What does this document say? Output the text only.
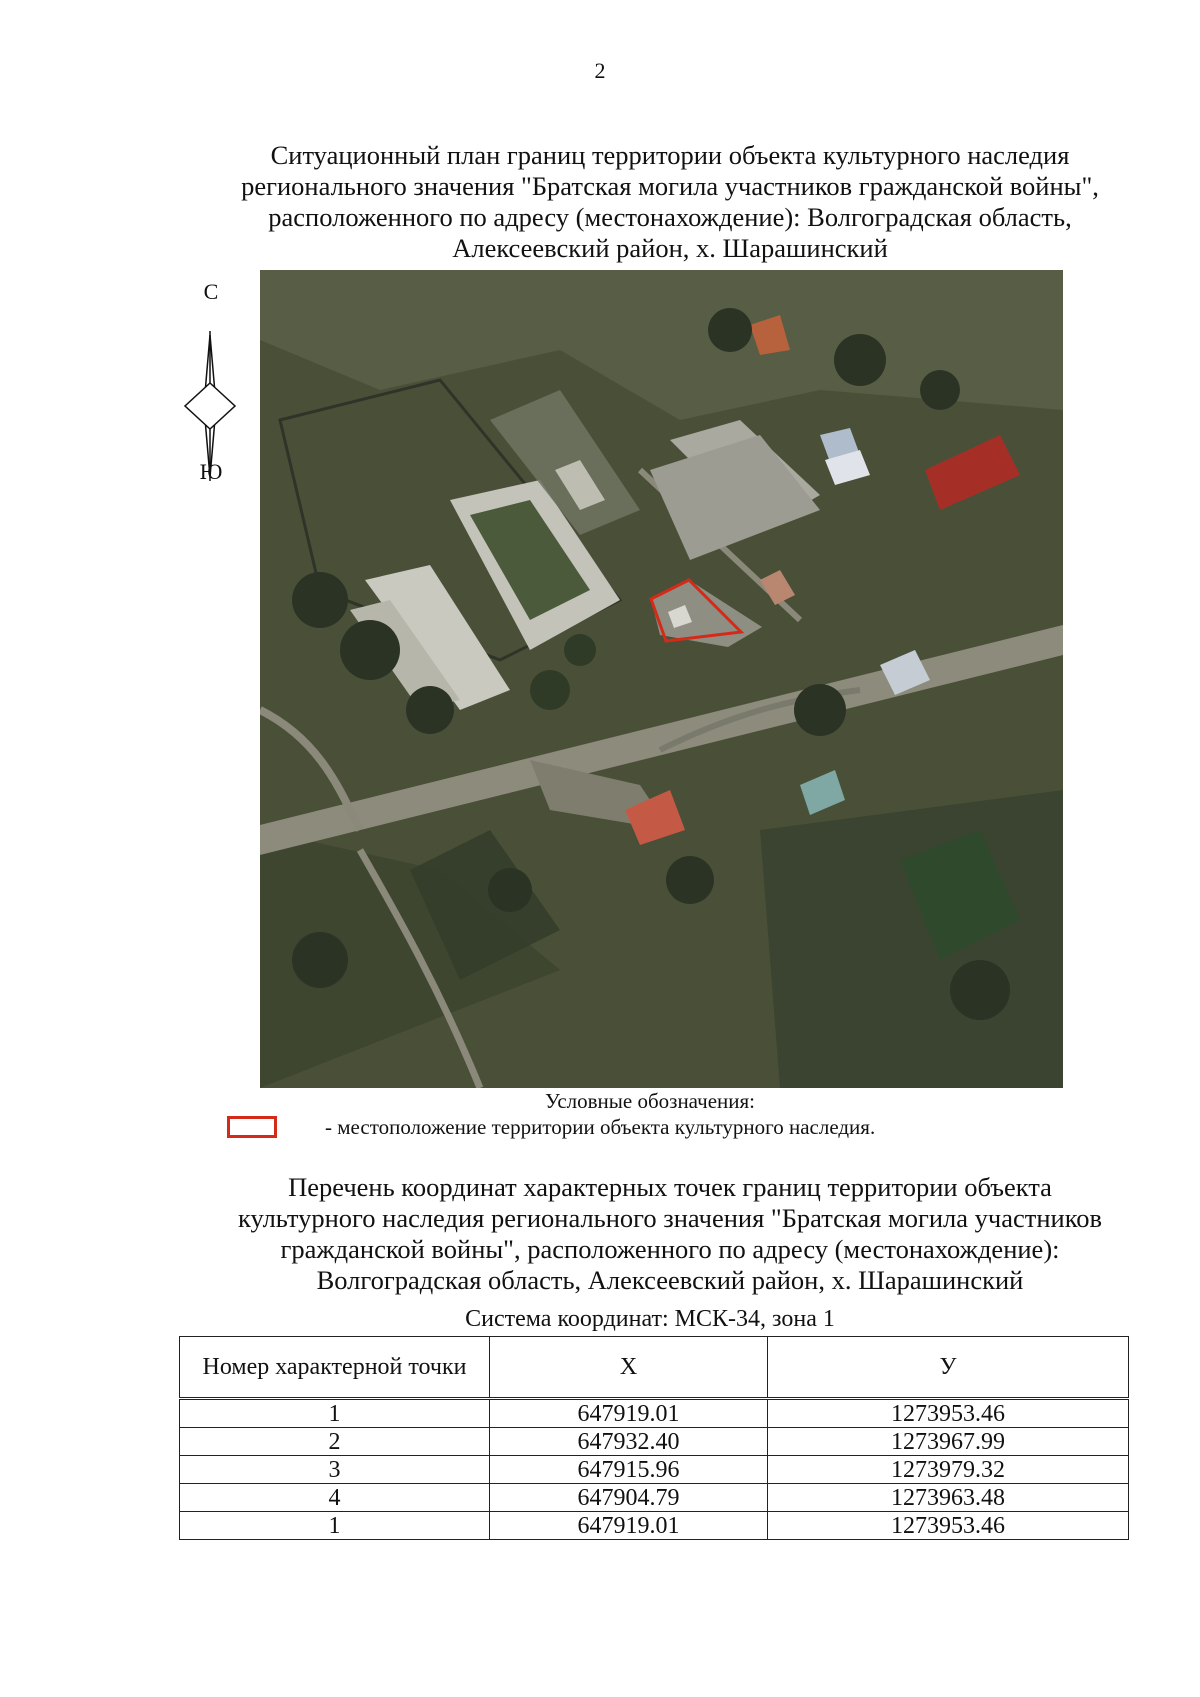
2
Ситуационный план границ территории объекта культурного наследия
регионального значения "Братская могила участников гражданской войны",
расположенного по адресу (местонахождение): Волгоградская область,
Алексеевский район, х. Шарашинский
С
Ю
Условные обозначения:
- местоположение территории объекта культурного наследия.
Перечень координат характерных точек границ территории объекта
культурного наследия регионального значения "Братская могила участников
гражданской войны", расположенного по адресу (местонахождение):
Волгоградская область, Алексеевский район, х. Шарашинский
Система координат: МСК-34, зона 1
Номер характерной точки	X	У
1	647919.01	1273953.46
2	647932.40	1273967.99
3	647915.96	1273979.32
4	647904.79	1273963.48
1	647919.01	1273953.46
